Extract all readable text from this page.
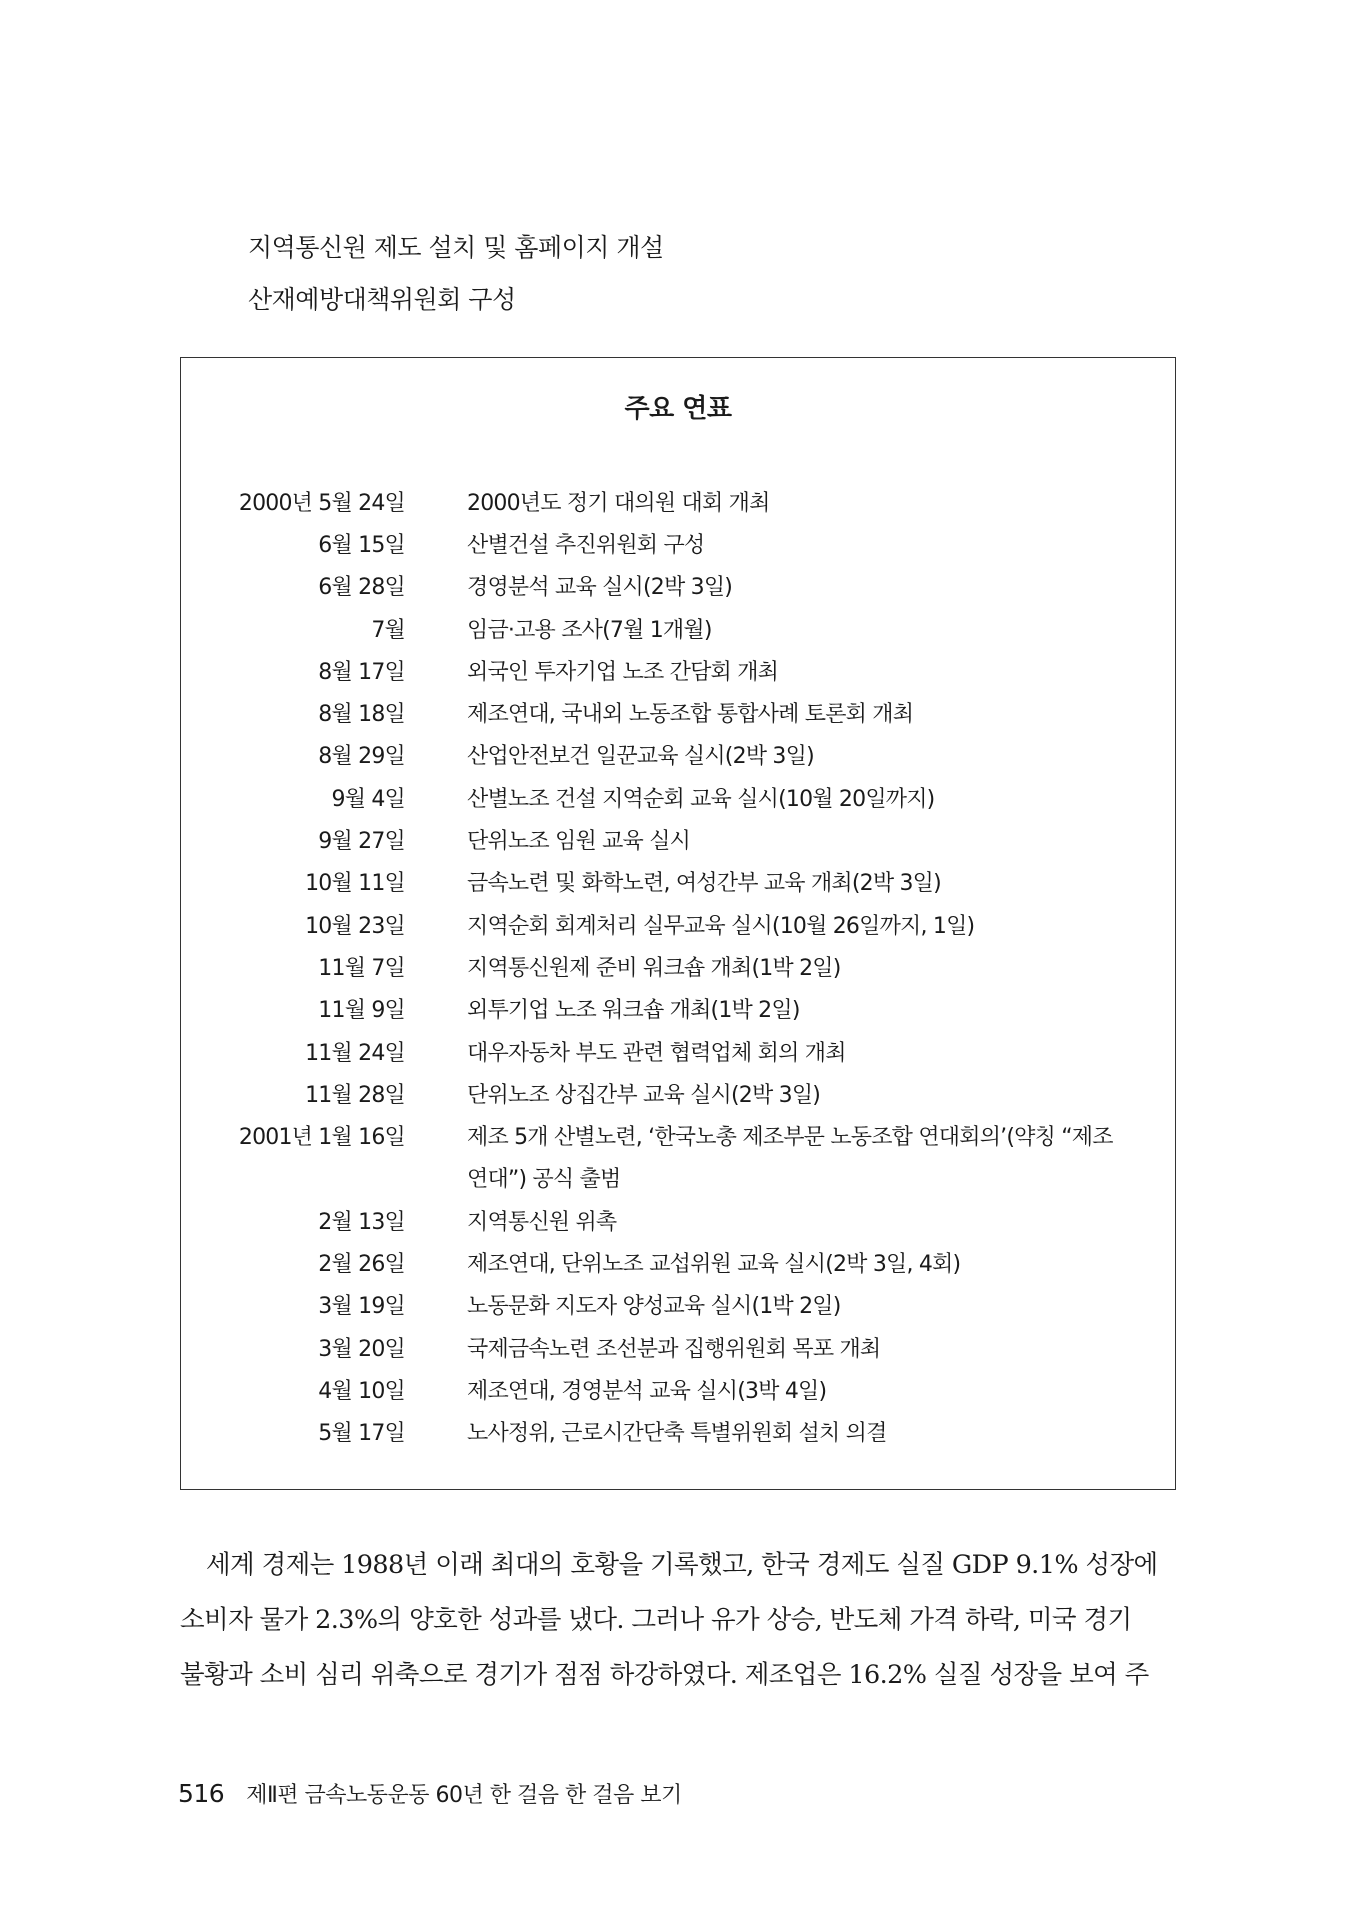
지역통신원 제도 설치 및 홈페이지 개설
산재예방대책위원회 구성
주요 연표
2000년 5월 24일	2000년도 정기 대의원 대회 개최
6월 15일	산별건설 추진위원회 구성
6월 28일	경영분석 교육 실시(2박 3일)
7월	임금·고용 조사(7월 1개월)
8월 17일	외국인 투자기업 노조 간담회 개최
8월 18일	제조연대, 국내외 노동조합 통합사례 토론회 개최
8월 29일	산업안전보건 일꾼교육 실시(2박 3일)
9월 4일	산별노조 건설 지역순회 교육 실시(10월 20일까지)
9월 27일	단위노조 임원 교육 실시
10월 11일	금속노련 및 화학노련, 여성간부 교육 개최(2박 3일)
10월 23일	지역순회 회계처리 실무교육 실시(10월 26일까지, 1일)
11월 7일	지역통신원제 준비 워크숍 개최(1박 2일)
11월 9일	외투기업 노조 워크숍 개최(1박 2일)
11월 24일	대우자동차 부도 관련 협력업체 회의 개최
11월 28일	단위노조 상집간부 교육 실시(2박 3일)
2001년 1월 16일	제조 5개 산별노련, ‘한국노총 제조부문 노동조합 연대회의’(약칭 “제조
연대”) 공식 출범
2월 13일	지역통신원 위촉
2월 26일	제조연대, 단위노조 교섭위원 교육 실시(2박 3일, 4회)
3월 19일	노동문화 지도자 양성교육 실시(1박 2일)
3월 20일	국제금속노련 조선분과 집행위원회 목포 개최
4월 10일	제조연대, 경영분석 교육 실시(3박 4일)
5월 17일	노사정위, 근로시간단축 특별위원회 설치 의결
세계 경제는 1988년 이래 최대의 호황을 기록했고, 한국 경제도 실질 GDP 9.1% 성장에
소비자 물가 2.3%의 양호한 성과를 냈다. 그러나 유가 상승, 반도체 가격 하락, 미국 경기
불황과 소비 심리 위축으로 경기가 점점 하강하였다. 제조업은 16.2% 실질 성장을 보여 주
516 제Ⅱ편 금속노동운동 60년 한 걸음 한 걸음 보기
